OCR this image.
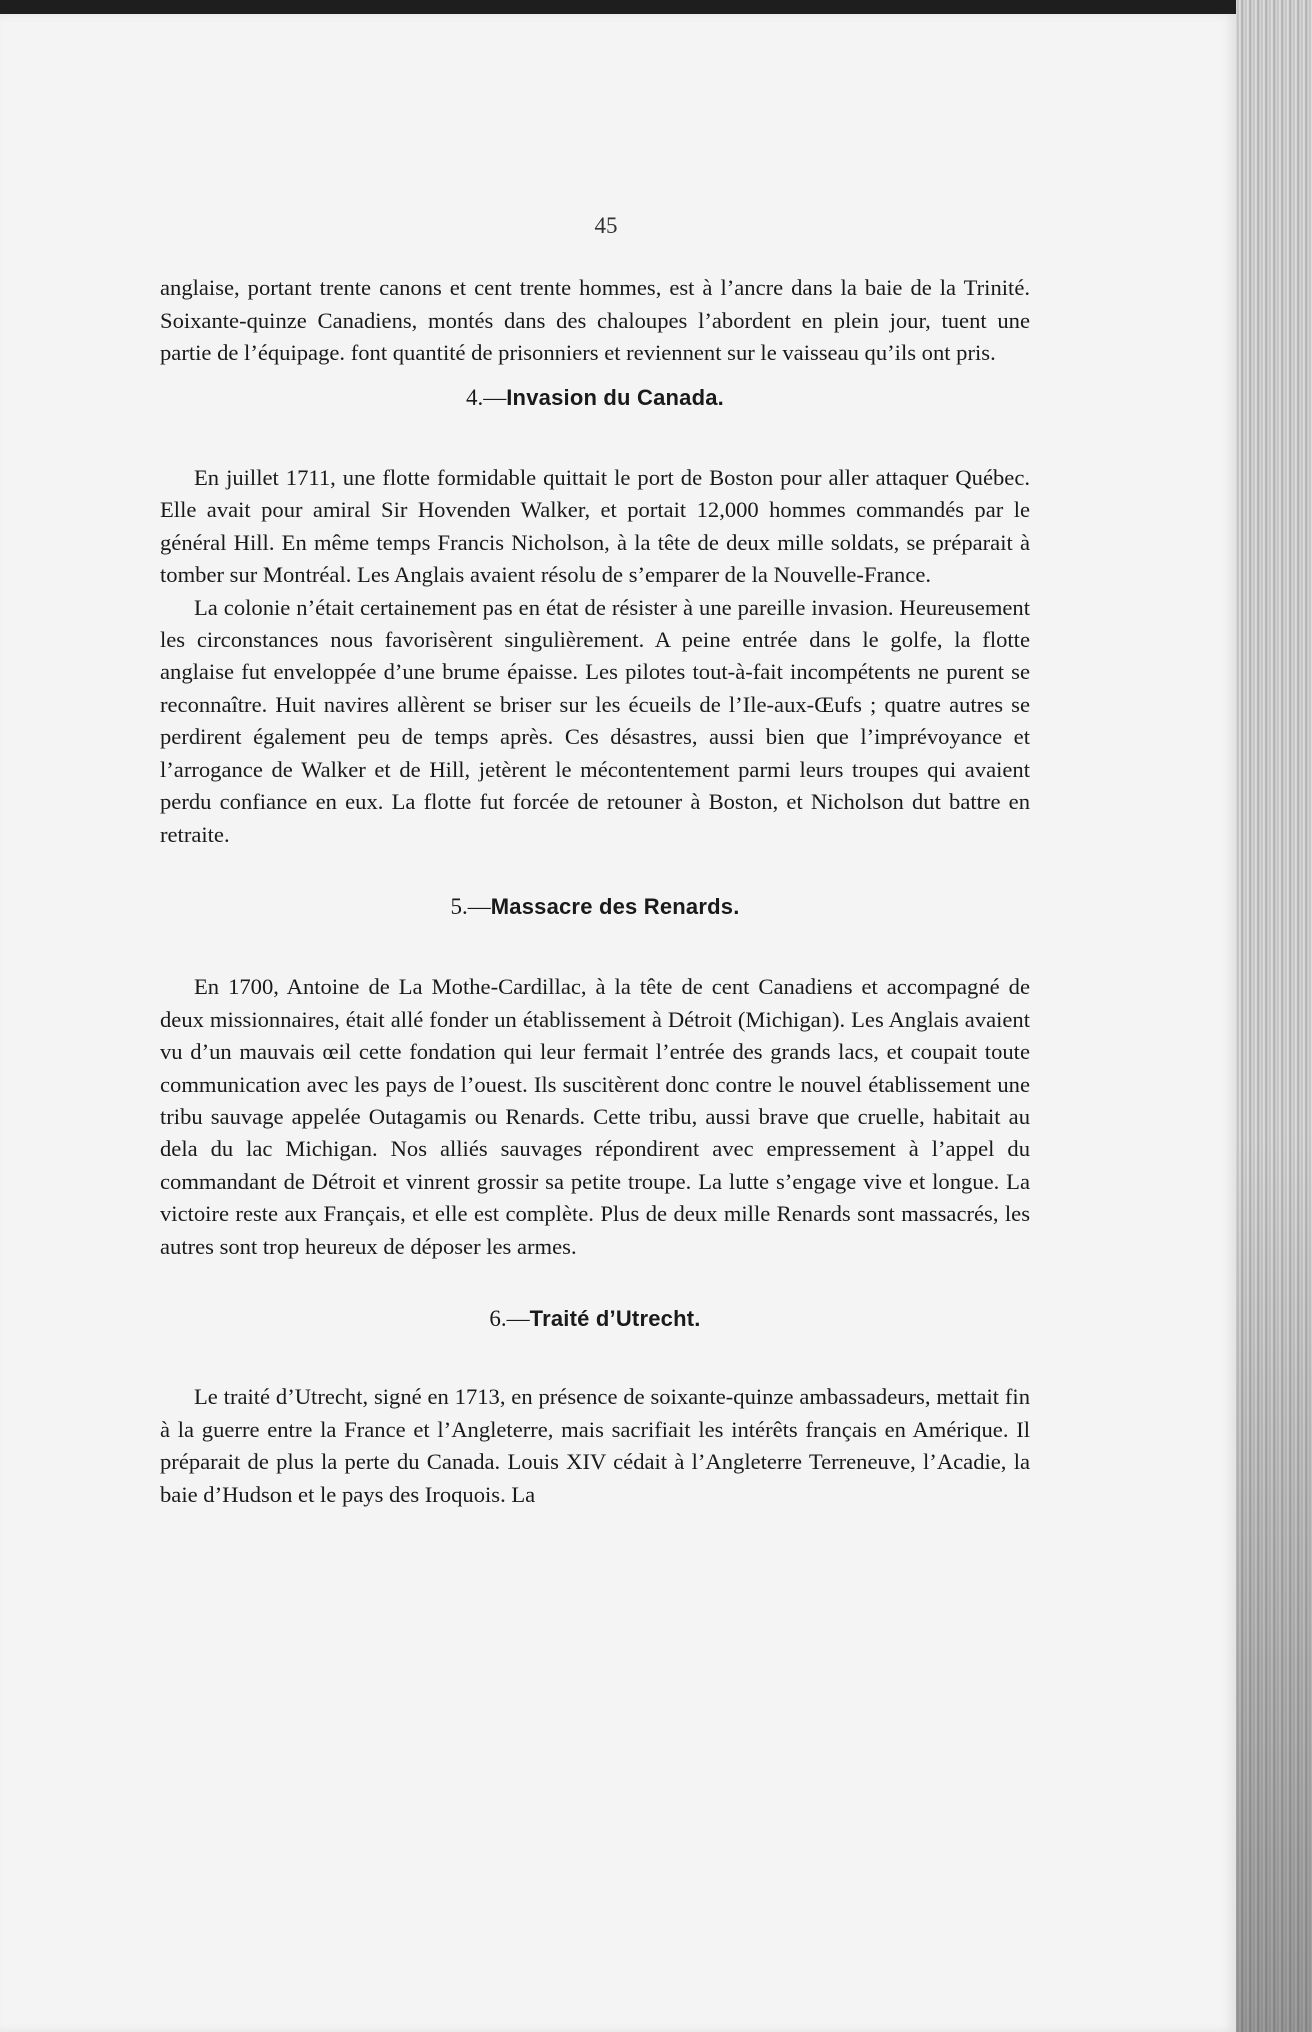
45

anglaise, portant trente canons et cent trente hommes, est à l’ancre dans la baie de la Trinité. Soixante-quinze Canadiens, montés dans des chaloupes l’abordent en plein jour, tuent une partie de l’équipage. font quantité de prisonniers et reviennent sur le vaisseau qu’ils ont pris.

4.—Invasion du Canada.

En juillet 1711, une flotte formidable quittait le port de Boston pour aller attaquer Québec. Elle avait pour amiral Sir Hovenden Walker, et portait 12,000 hommes commandés par le général Hill. En même temps Francis Nicholson, à la tête de deux mille soldats, se préparait à tomber sur Montréal. Les Anglais avaient résolu de s’emparer de la Nouvelle-France.

La colonie n’était certainement pas en état de résister à une pareille invasion. Heureusement les circonstances nous favorisèrent singulièrement. A peine entrée dans le golfe, la flotte anglaise fut enveloppée d’une brume épaisse. Les pilotes tout-à-fait incompétents ne purent se reconnaître. Huit navires allèrent se briser sur les écueils de l’Ile-aux-Œufs ; quatre autres se perdirent également peu de temps après. Ces désastres, aussi bien que l’imprévoyance et l’arrogance de Walker et de Hill, jetèrent le mécontentement parmi leurs troupes qui avaient perdu confiance en eux. La flotte fut forcée de retouner à Boston, et Nicholson dut battre en retraite.

5.—Massacre des Renards.

En 1700, Antoine de La Mothe-Cardillac, à la tête de cent Canadiens et accompagné de deux missionnaires, était allé fonder un établissement à Détroit (Michigan). Les Anglais avaient vu d’un mauvais œil cette fondation qui leur fermait l’entrée des grands lacs, et coupait toute communication avec les pays de l’ouest. Ils suscitèrent donc contre le nouvel établissement une tribu sauvage appelée Outagamis ou Renards. Cette tribu, aussi brave que cruelle, habitait au dela du lac Michigan. Nos alliés sauvages répondirent avec empressement à l’appel du commandant de Détroit et vinrent grossir sa petite troupe. La lutte s’engage vive et longue. La victoire reste aux Français, et elle est complète. Plus de deux mille Renards sont massacrés, les autres sont trop heureux de déposer les armes.

6.—Traité d’Utrecht.

Le traité d’Utrecht, signé en 1713, en présence de soixante-quinze ambassadeurs, mettait fin à la guerre entre la France et l’Angleterre, mais sacrifiait les intérêts français en Amérique. Il préparait de plus la perte du Canada. Louis XIV cédait à l’Angleterre Terreneuve, l’Acadie, la baie d’Hudson et le pays des Iroquois. La
